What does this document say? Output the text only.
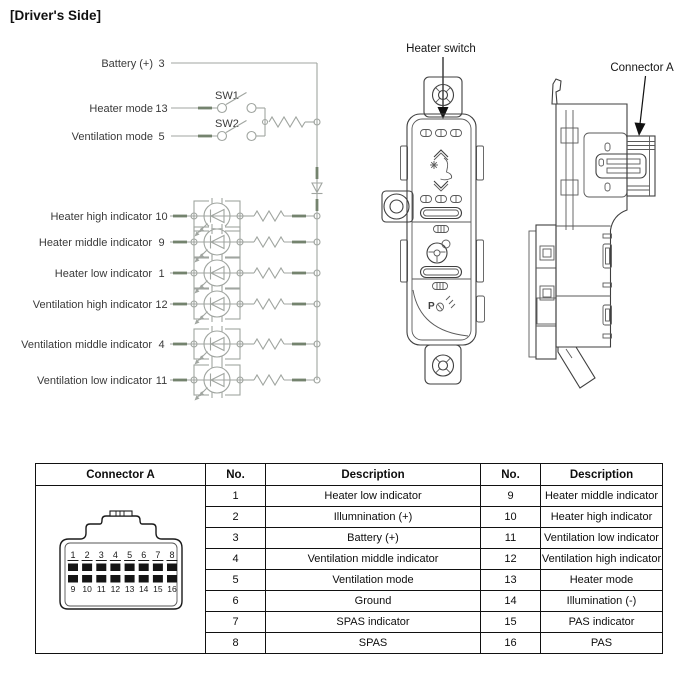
[Driver's Side]
Battery (+) 3
Heater mode 13
SW1
Ventilation mode 5
SW2
Heater high indicator 10
Heater middle indicator 9
Heater low indicator 1
Ventilation high indicator 12
Ventilation middle indicator 4
Ventilation low indicator 11
Heater switch
P
Connector A
Connector A	No.	Description	No.	Description

1 2 3 4 5 6 7 8
9 10 11 12 13 14 15 16
	1	Heater low indicator	9	Heater middle indicator
	2	Illumnination (+)	10	Heater high indicator
	3	Battery (+)	11	Ventilation low indicator
	4	Ventilation middle indicator	12	Ventilation high indicator
	5	Ventilation mode	13	Heater mode
	6	Ground	14	Illumination (-)
	7	SPAS indicator	15	PAS indicator
	8	SPAS	16	PAS
